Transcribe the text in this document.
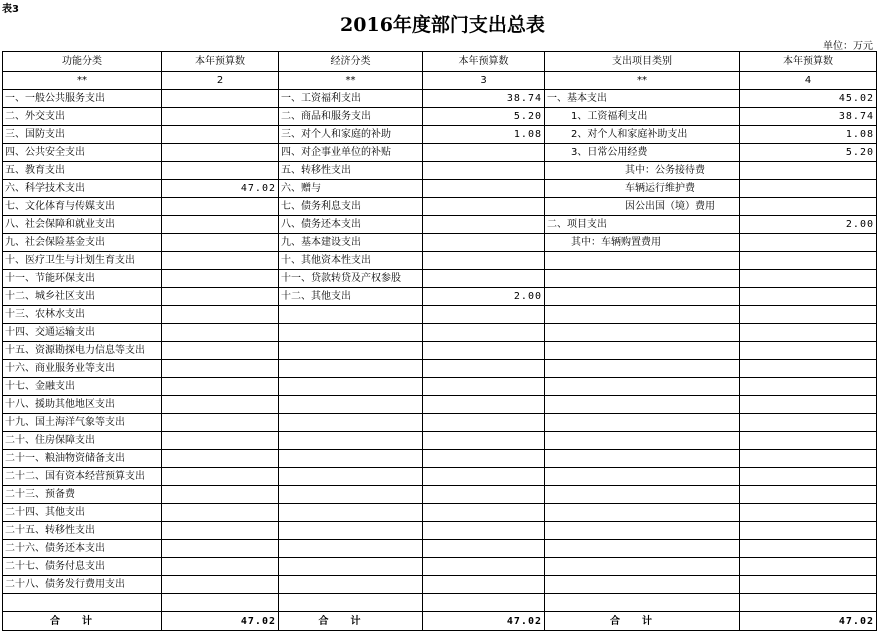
表3
2016年度部门支出总表
单位：万元
功能分类	本年预算数	经济分类	本年预算数	支出项目类别	本年预算数
**	2	**	3	**	4
一、一般公共服务支出		一、工资福利支出	38.74	一、基本支出	45.02
二、外交支出		二、商品和服务支出	5.20	1、工资福利支出	38.74
三、国防支出		三、对个人和家庭的补助	1.08	2、对个人和家庭补助支出	1.08
四、公共安全支出		四、对企事业单位的补贴		3、日常公用经费	5.20
五、教育支出		五、转移性支出		其中：公务接待费	
六、科学技术支出	47.02	六、赠与		车辆运行维护费	
七、文化体育与传媒支出		七、债务利息支出		因公出国（境）费用	
八、社会保障和就业支出		八、债务还本支出		二、项目支出	2.00
九、社会保险基金支出		九、基本建设支出		其中：车辆购置费用	
十、医疗卫生与计划生育支出		十、其他资本性支出			
十一、节能环保支出		十一、贷款转贷及产权参股			
十二、城乡社区支出		十二、其他支出	2.00		
十三、农林水支出					
十四、交通运输支出					
十五、资源勘探电力信息等支出					
十六、商业服务业等支出					
十七、金融支出					
十八、援助其他地区支出					
十九、国土海洋气象等支出					
二十、住房保障支出					
二十一、粮油物资储备支出					
二十二、国有资本经营预算支出					
二十三、预备费					
二十四、其他支出					
二十五、转移性支出					
二十六、债务还本支出					
二十七、债务付息支出					
二十八、债务发行费用支出					

合计	47.02	合计	47.02	合计	47.02
